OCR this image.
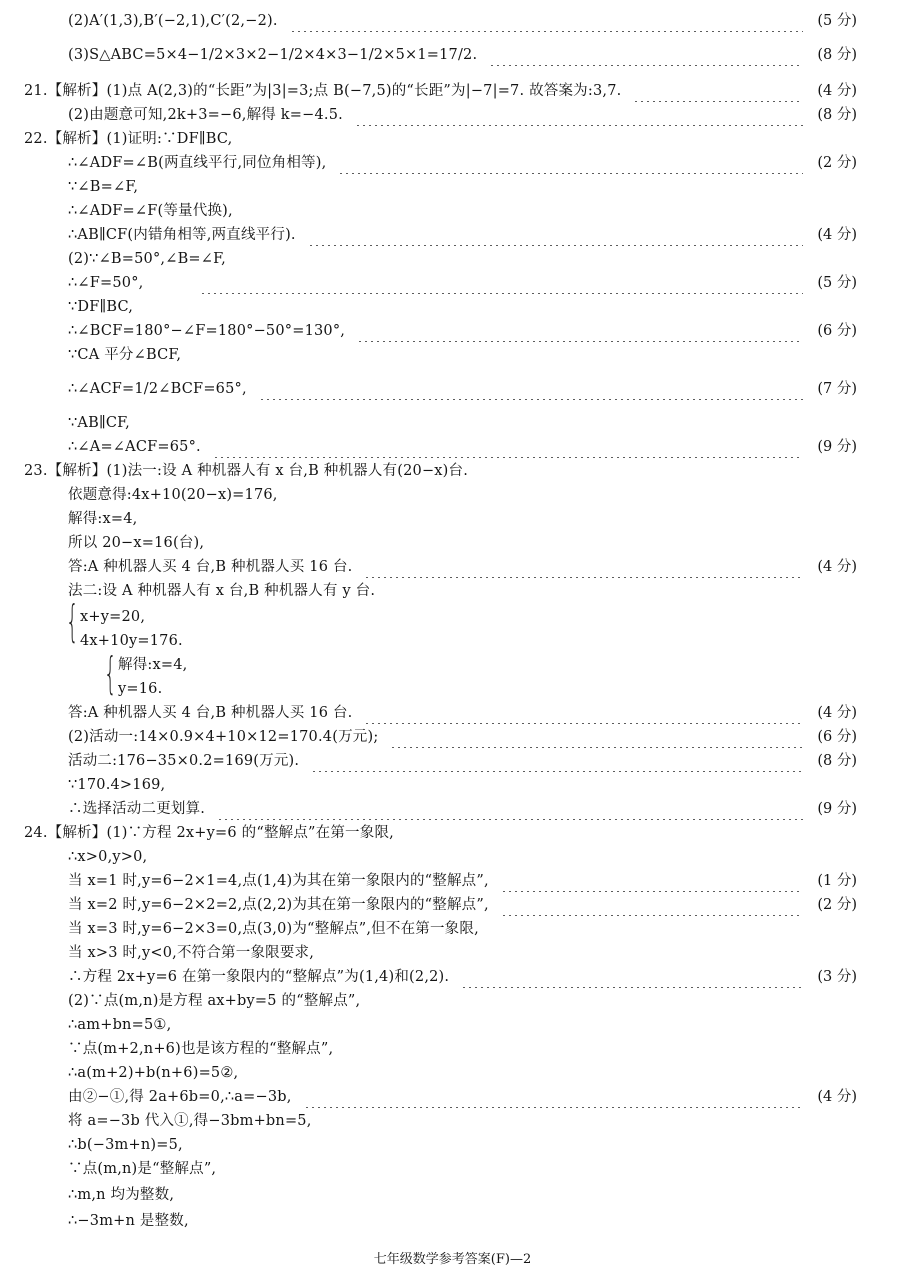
(2)A′(1,3),B′(−2,1),C′(2,−2).	(5 分)
(3)S△ABC=5×4−1/2×3×2−1/2×4×3−1/2×5×1=17/2.	(8 分)
21.【解析】(1)点 A(2,3)的“长距”为|3|=3;点 B(−7,5)的“长距”为|−7|=7. 故答案为:3,7.	(4 分)
(2)由题意可知,2k+3=−6,解得 k=−4.5.	(8 分)
22.【解析】(1)证明:∵DF∥BC,
∴∠ADF=∠B(两直线平行,同位角相等),	(2 分)
∵∠B=∠F,
∴∠ADF=∠F(等量代换),
∴AB∥CF(内错角相等,两直线平行).	(4 分)
(2)∵∠B=50°,∠B=∠F,
∴∠F=50°,	(5 分)
∵DF∥BC,
∴∠BCF=180°−∠F=180°−50°=130°,	(6 分)
∵CA 平分∠BCF,
∴∠ACF=1/2∠BCF=65°,	(7 分)
∵AB∥CF,
∴∠A=∠ACF=65°.	(9 分)
23.【解析】(1)法一:设 A 种机器人有 x 台,B 种机器人有(20−x)台.
依题意得:4x+10(20−x)=176,
解得:x=4,
所以 20−x=16(台),
答:A 种机器人买 4 台,B 种机器人买 16 台.	(4 分)
法二:设 A 种机器人有 x 台,B 种机器人有 y 台.
x+y=20,
4x+10y=176.
解得:x=4,
y=16.
答:A 种机器人买 4 台,B 种机器人买 16 台.	(4 分)
(2)活动一:14×0.9×4+10×12=170.4(万元);	(6 分)
活动二:176−35×0.2=169(万元).	(8 分)
∵170.4>169,
∴选择活动二更划算.	(9 分)
24.【解析】(1)∵方程 2x+y=6 的“整解点”在第一象限,
∴x>0,y>0,
当 x=1 时,y=6−2×1=4,点(1,4)为其在第一象限内的“整解点”,	(1 分)
当 x=2 时,y=6−2×2=2,点(2,2)为其在第一象限内的“整解点”,	(2 分)
当 x=3 时,y=6−2×3=0,点(3,0)为“整解点”,但不在第一象限,
当 x>3 时,y<0,不符合第一象限要求,
∴方程 2x+y=6 在第一象限内的“整解点”为(1,4)和(2,2).	(3 分)
(2)∵点(m,n)是方程 ax+by=5 的“整解点”,
∴am+bn=5①,
∵点(m+2,n+6)也是该方程的“整解点”,
∴a(m+2)+b(n+6)=5②,
由②−①,得 2a+6b=0,∴a=−3b,	(4 分)
将 a=−3b 代入①,得−3bm+bn=5,
∴b(−3m+n)=5,
∵点(m,n)是“整解点”,
∴m,n 均为整数,
∴−3m+n 是整数,
{
{
七年级数学参考答案(F)—2
